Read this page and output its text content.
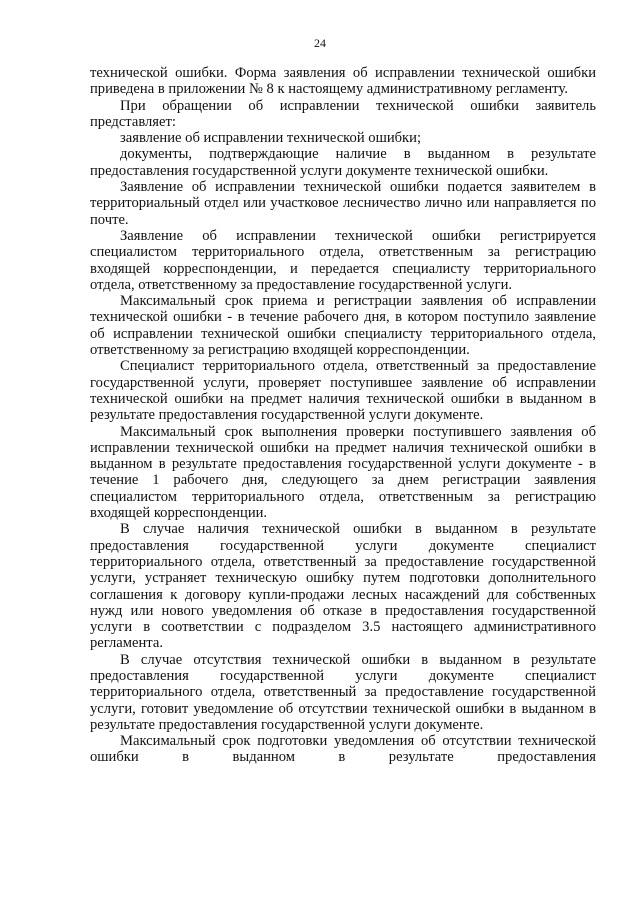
24

технической ошибки. Форма заявления об исправлении технической ошибки приведена в приложении № 8 к настоящему административному регламенту.

При обращении об исправлении технической ошибки заявитель представляет:

заявление об исправлении технической ошибки;

документы, подтверждающие наличие в выданном в результате предоставления государственной услуги документе технической ошибки.

Заявление об исправлении технической ошибки подается заявителем в территориальный отдел или участковое лесничество лично или направляется по почте.

Заявление об исправлении технической ошибки регистрируется специалистом территориального отдела, ответственным за регистрацию входящей корреспонденции, и передается специалисту территориального отдела, ответственному за предоставление государственной услуги.

Максимальный срок приема и регистрации заявления об исправлении технической ошибки - в течение рабочего дня, в котором поступило заявление об исправлении технической ошибки специалисту территориального отдела, ответственному за регистрацию входящей корреспонденции.

Специалист территориального отдела, ответственный за предоставление государственной услуги, проверяет поступившее заявление об исправлении технической ошибки на предмет наличия технической ошибки в выданном в результате предоставления государственной услуги документе.

Максимальный срок выполнения проверки поступившего заявления об исправлении технической ошибки на предмет наличия технической ошибки в выданном в результате предоставления государственной услуги документе - в течение 1 рабочего дня, следующего за днем регистрации заявления специалистом территориального отдела, ответственным за регистрацию входящей корреспонденции.

В случае наличия технической ошибки в выданном в результате предоставления государственной услуги документе специалист территориального отдела, ответственный за предоставление государственной услуги, устраняет техническую ошибку путем подготовки дополнительного соглашения к договору купли-продажи лесных насаждений для собственных нужд или нового уведомления об отказе в предоставления государственной услуги в соответствии с подразделом 3.5 настоящего административного регламента.

В случае отсутствия технической ошибки в выданном в результате предоставления государственной услуги документе специалист территориального отдела, ответственный за предоставление государственной услуги, готовит уведомление об отсутствии технической ошибки в выданном в результате предоставления государственной услуги документе.

Максимальный срок подготовки уведомления об отсутствии технической ошибки в выданном в результате предоставления
